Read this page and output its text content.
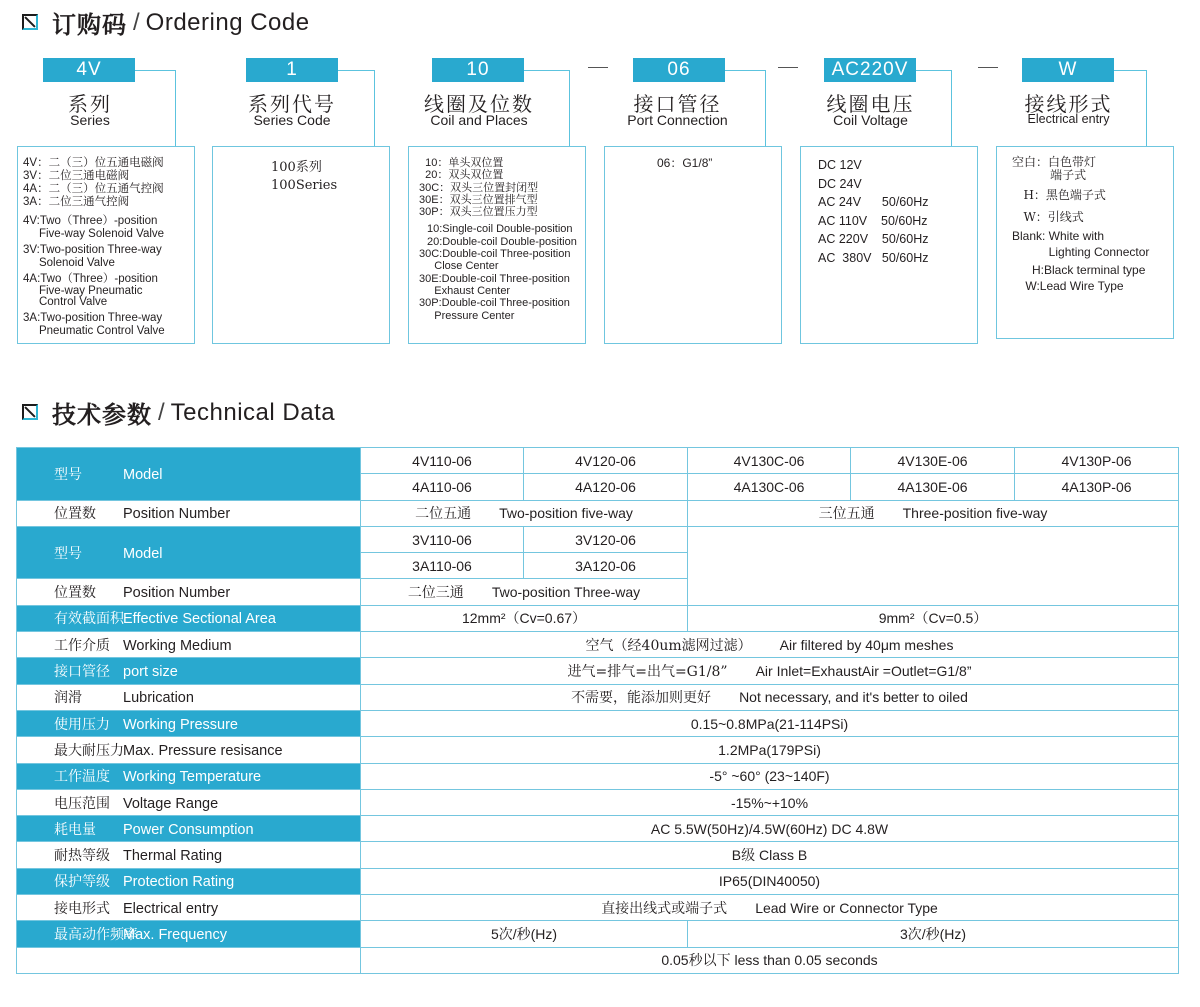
订购码 / Ordering Code
4V
系列
Series
4V：二（三）位五通电磁阀
3V：二位三通电磁阀
4A：二（三）位五通气控阀
3A：二位三通气控阀
4V:Two（Three）-position
Five-way Solenoid Valve
3V:Two-position Three-way
Solenoid Valve
4A:Two（Three）-position
Five-way Pneumatic
Control Valve
3A:Two-position Three-way
Pneumatic Control Valve
1
系列代号
Series Code
100系列
100Series
10
线圈及位数
Coil and Places
10：单头双位置
20：双头双位置
30C：双头三位置封闭型
30E：双头三位置排气型
30P：双头三位置压力型
10:Single-coil Double-position
20:Double-coil Double-position
30C:Double-coil Three-position
Close Center
30E:Double-coil Three-position
Exhaust Center
30P:Double-coil Three-position
Pressure Center
06
接口管径
Port Connection
06：G1/8”
AC220V
线圈电压
Coil Voltage
DC 12V
DC 24V
AC 24V      50/60Hz
AC 110V    50/60Hz
AC 220V    50/60Hz
AC  380V   50/60Hz
W
接线形式
Electrical entry
空白：白色带灯
端子式
H：黑色端子式
W：引线式
Blank: White with
Lighting Connector
H:Black terminal type
W:Lead Wire Type
技术参数 / Technical Data
型号 Model	4V110-06	4V120-06	4V130C-06	4V130E-06	4V130P-06
	4A110-06	4A120-06	4A130C-06	4A130E-06	4A130P-06
位置数 Position Number	二位五通 Two-position five-way		三位五通 Three-position five-way		
型号 Model	3V110-06	3V120-06			
	3A110-06	3A120-06			
位置数 Position Number	二位三通 Two-position Three-way				
有效截面积Effective Sectional Area	12mm²（Cv=0.67）		9mm²（Cv=0.5）		
工作介质 Working Medium	空气（经40um滤网过滤） Air filtered by 40μm meshes				
接口管径 port size	进气=排气=出气=G1/8” Air Inlet=ExhaustAir =Outlet=G1/8”				
润滑 Lubrication	不需要，能添加则更好 Not necessary, and it's better to oiled				
使用压力 Working Pressure	0.15~0.8MPa(21-114PSi)				
最大耐压力Max. Pressure resisance	1.2MPa(179PSi)				
工作温度 Working Temperature	-5° ~60° (23~140F)				
电压范围 Voltage Range	-15%~+10%				
耗电量 Power Consumption	AC 5.5W(50Hz)/4.5W(60Hz) DC 4.8W				
耐热等级 Thermal Rating	B级 Class B				
保护等级 Protection Rating	IP65(DIN40050)				
接电形式 Electrical entry	直接出线式或端子式 Lead Wire or Connector Type				
最高动作频率Max. Frequency	5次/秒(Hz)		3次/秒(Hz)		
	0.05秒以下 less than 0.05 seconds				
